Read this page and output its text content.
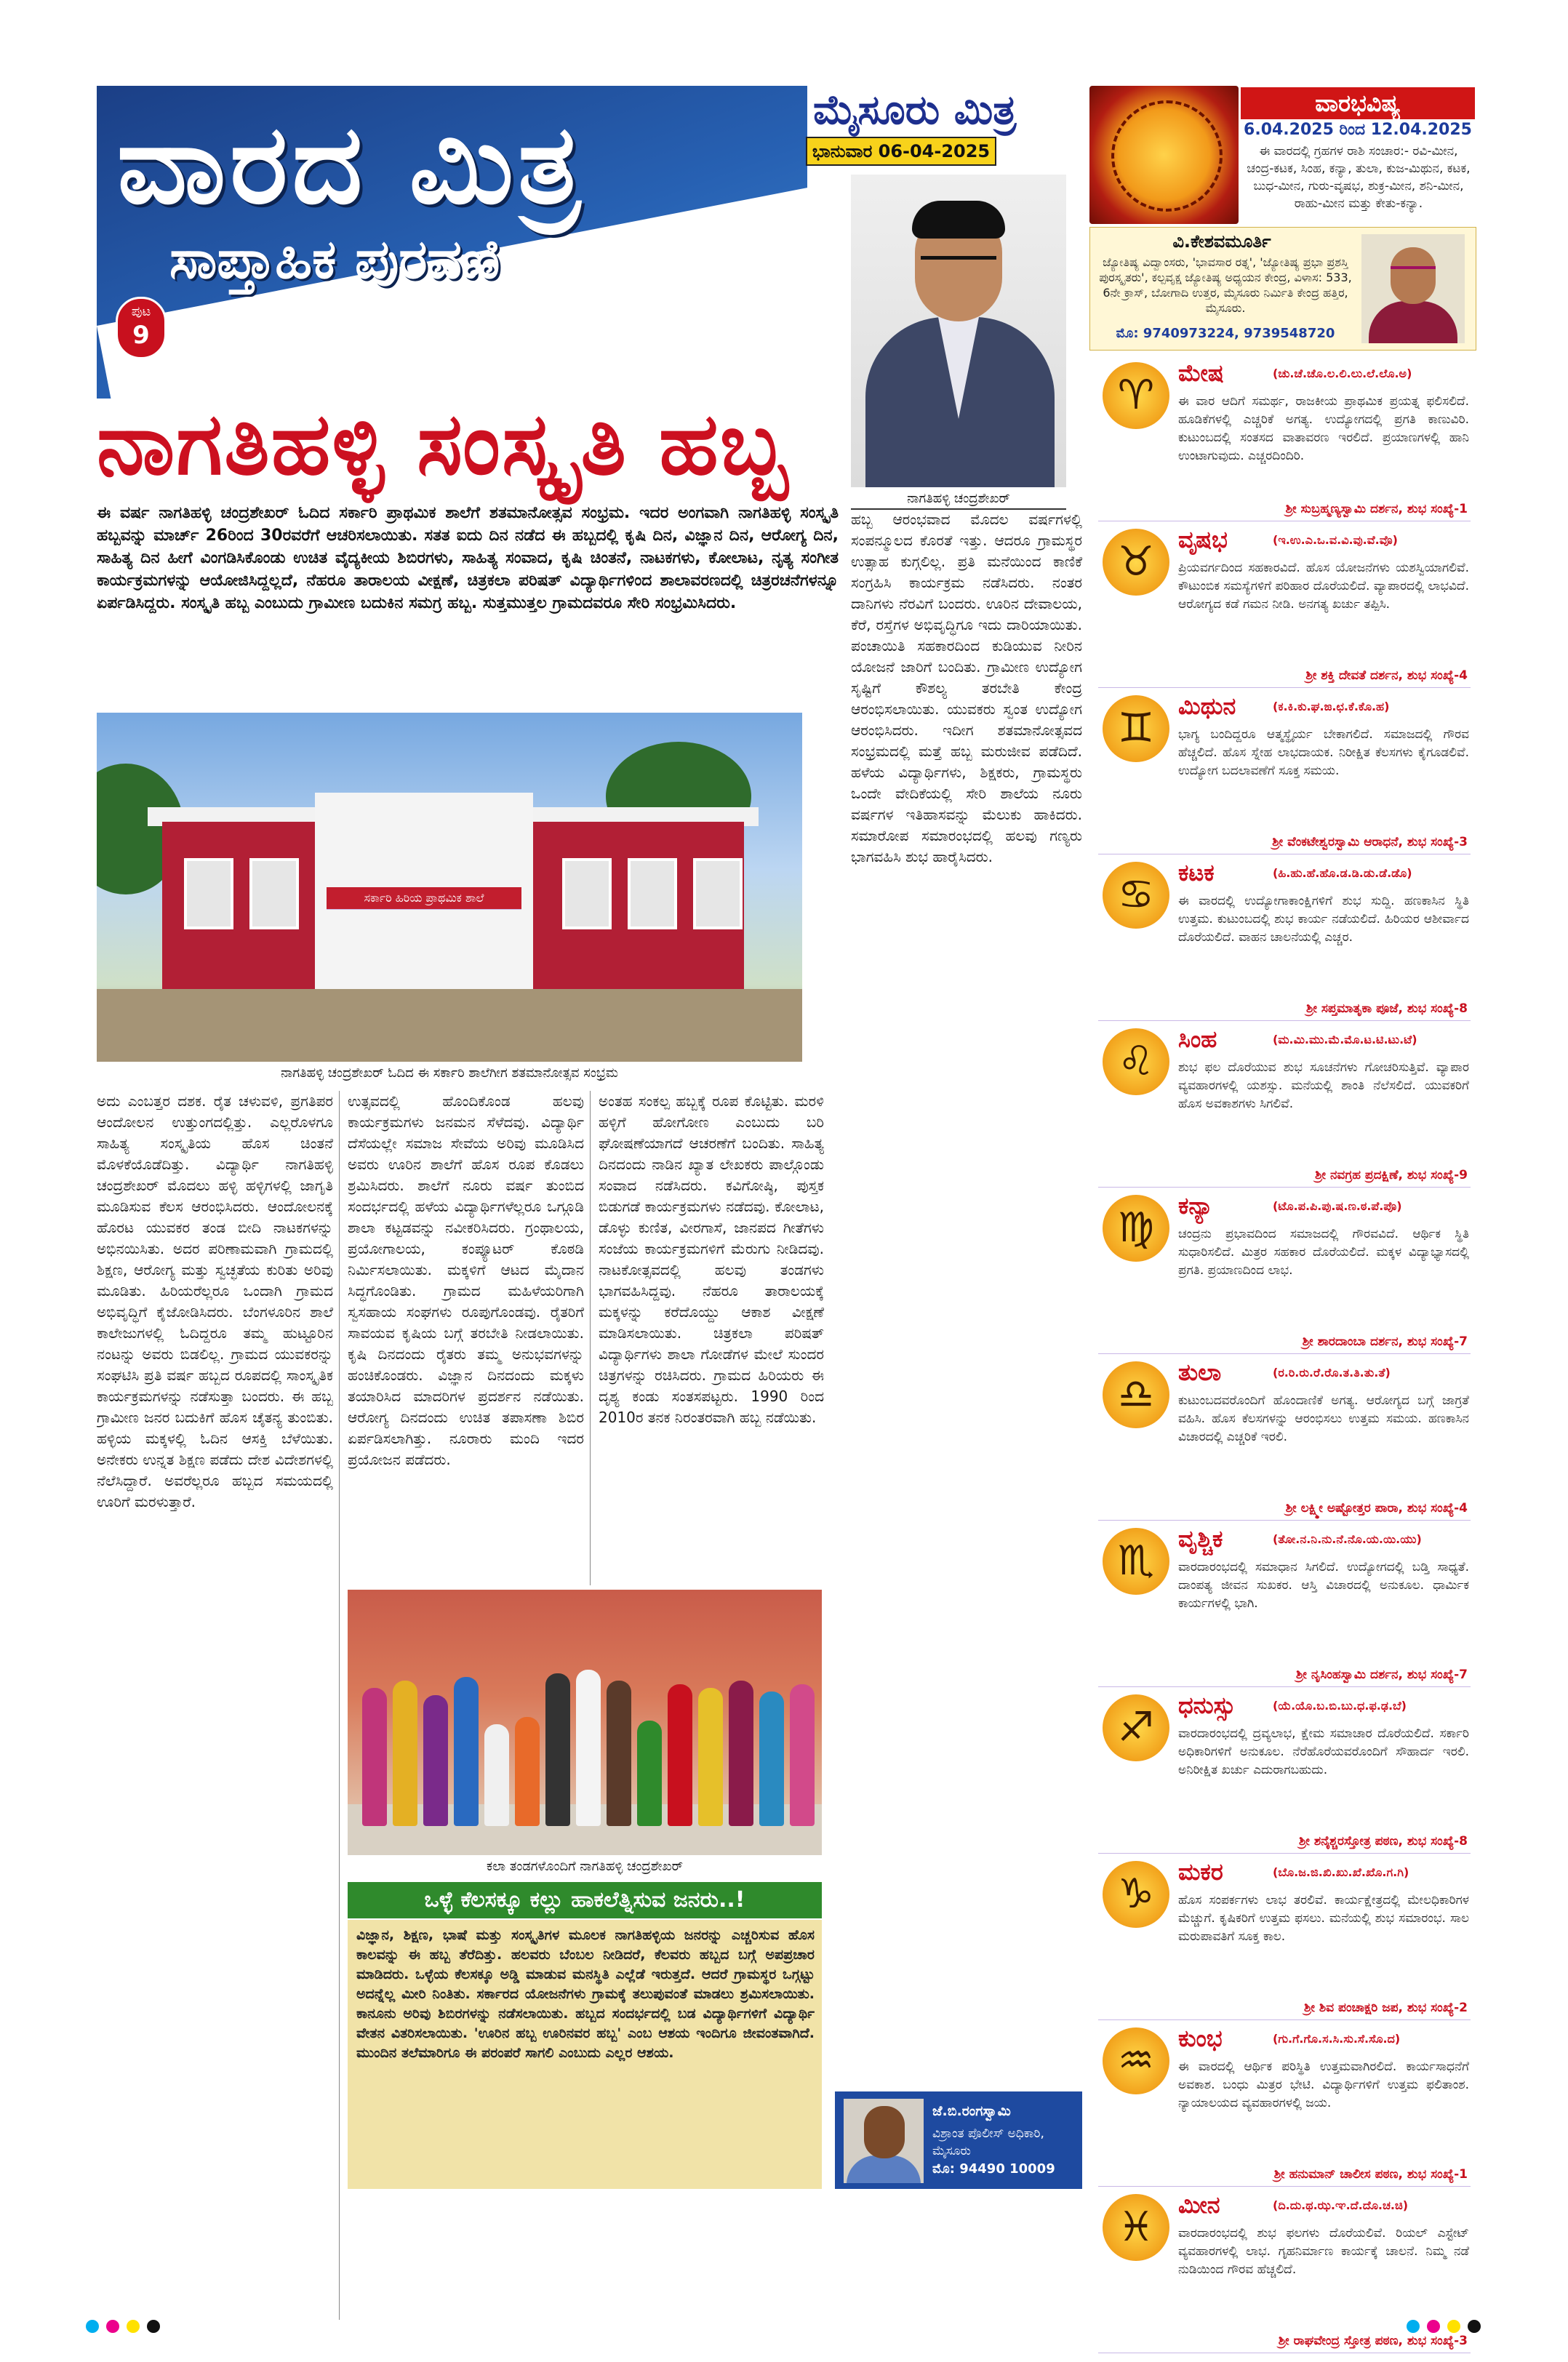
ವಾರದ ಮಿತ್ರ
ಸಾಪ್ತಾಹಿಕ ಪುರವಣಿ
ಪುಟ
9
ನಾಗತಿಹಳ್ಳಿ ಸಂಸ್ಕೃತಿ ಹಬ್ಬ
ಮೈಸೂರು ಮಿತ್ರ
ಭಾನುವಾರ 06-04-2025
ನಾಗತಿಹಳ್ಳಿ ಚಂದ್ರಶೇಖರ್
ಈ ವರ್ಷ ನಾಗತಿಹಳ್ಳಿ ಚಂದ್ರಶೇಖರ್ ಓದಿದ ಸರ್ಕಾರಿ ಪ್ರಾಥಮಿಕ ಶಾಲೆಗೆ ಶತಮಾನೋತ್ಸವ ಸಂಭ್ರಮ. ಇದರ ಅಂಗವಾಗಿ ನಾಗತಿಹಳ್ಳಿ ಸಂಸ್ಕೃತಿ ಹಬ್ಬವನ್ನು ಮಾರ್ಚ್ 26ರಿಂದ 30ರವರೆಗೆ ಆಚರಿಸಲಾಯಿತು. ಸತತ ಐದು ದಿನ ನಡೆದ ಈ ಹಬ್ಬದಲ್ಲಿ ಕೃಷಿ ದಿನ, ವಿಜ್ಞಾನ ದಿನ, ಆರೋಗ್ಯ ದಿನ, ಸಾಹಿತ್ಯ ದಿನ ಹೀಗೆ ವಿಂಗಡಿಸಿಕೊಂಡು ಉಚಿತ ವೈದ್ಯಕೀಯ ಶಿಬಿರಗಳು, ಸಾಹಿತ್ಯ ಸಂವಾದ, ಕೃಷಿ ಚಿಂತನೆ, ನಾಟಕಗಳು, ಕೋಲಾಟ, ನೃತ್ಯ ಸಂಗೀತ ಕಾರ್ಯಕ್ರಮಗಳನ್ನು ಆಯೋಜಿಸಿದ್ದಲ್ಲದೆ, ನೆಹರೂ ತಾರಾಲಯ ವೀಕ್ಷಣೆ, ಚಿತ್ರಕಲಾ ಪರಿಷತ್ ವಿದ್ಯಾರ್ಥಿಗಳಿಂದ ಶಾಲಾವರಣದಲ್ಲಿ ಚಿತ್ರರಚನೆಗಳನ್ನೂ ಏರ್ಪಡಿಸಿದ್ದರು. ಸಂಸ್ಕೃತಿ ಹಬ್ಬ ಎಂಬುದು ಗ್ರಾಮೀಣ ಬದುಕಿನ ಸಮಗ್ರ ಹಬ್ಬ. ಸುತ್ತಮುತ್ತಲ ಗ್ರಾಮದವರೂ ಸೇರಿ ಸಂಭ್ರಮಿಸಿದರು.
ಸರ್ಕಾರಿ ಹಿರಿಯ ಪ್ರಾಥಮಿಕ ಶಾಲೆ
ನಾಗತಿಹಳ್ಳಿ ಚಂದ್ರಶೇಖರ್ ಓದಿದ ಈ ಸರ್ಕಾರಿ ಶಾಲೆಗೀಗ ಶತಮಾನೋತ್ಸವ ಸಂಭ್ರಮ
ಅದು ಎಂಬತ್ತರ ದಶಕ. ರೈತ ಚಳುವಳಿ, ಪ್ರಗತಿಪರ ಆಂದೋಲನ ಉತ್ತುಂಗದಲ್ಲಿತ್ತು. ಎಲ್ಲರೊಳಗೂ ಸಾಹಿತ್ಯ ಸಂಸ್ಕೃತಿಯ ಹೊಸ ಚಿಂತನೆ ಮೊಳಕೆಯೊಡೆದಿತ್ತು. ವಿದ್ಯಾರ್ಥಿ ನಾಗತಿಹಳ್ಳಿ ಚಂದ್ರಶೇಖರ್ ಮೊದಲು ಹಳ್ಳಿ ಹಳ್ಳಿಗಳಲ್ಲಿ ಜಾಗೃತಿ ಮೂಡಿಸುವ ಕೆಲಸ ಆರಂಭಿಸಿದರು. ಆಂದೋಲನಕ್ಕೆ ಹೊರಟ ಯುವಕರ ತಂಡ ಬೀದಿ ನಾಟಕಗಳನ್ನು ಅಭಿನಯಿಸಿತು. ಅದರ ಪರಿಣಾಮವಾಗಿ ಗ್ರಾಮದಲ್ಲಿ ಶಿಕ್ಷಣ, ಆರೋಗ್ಯ ಮತ್ತು ಸ್ವಚ್ಛತೆಯ ಕುರಿತು ಅರಿವು ಮೂಡಿತು. ಹಿರಿಯರೆಲ್ಲರೂ ಒಂದಾಗಿ ಗ್ರಾಮದ ಅಭಿವೃದ್ಧಿಗೆ ಕೈಜೋಡಿಸಿದರು. ಬೆಂಗಳೂರಿನ ಶಾಲೆ ಕಾಲೇಜುಗಳಲ್ಲಿ ಓದಿದ್ದರೂ ತಮ್ಮ ಹುಟ್ಟೂರಿನ ನಂಟನ್ನು ಅವರು ಬಿಡಲಿಲ್ಲ. ಗ್ರಾಮದ ಯುವಕರನ್ನು ಸಂಘಟಿಸಿ ಪ್ರತಿ ವರ್ಷ ಹಬ್ಬದ ರೂಪದಲ್ಲಿ ಸಾಂಸ್ಕೃತಿಕ ಕಾರ್ಯಕ್ರಮಗಳನ್ನು ನಡೆಸುತ್ತಾ ಬಂದರು. ಈ ಹಬ್ಬ ಗ್ರಾಮೀಣ ಜನರ ಬದುಕಿಗೆ ಹೊಸ ಚೈತನ್ಯ ತುಂಬಿತು. ಹಳ್ಳಿಯ ಮಕ್ಕಳಲ್ಲಿ ಓದಿನ ಆಸಕ್ತಿ ಬೆಳೆಯಿತು. ಅನೇಕರು ಉನ್ನತ ಶಿಕ್ಷಣ ಪಡೆದು ದೇಶ ವಿದೇಶಗಳಲ್ಲಿ ನೆಲೆಸಿದ್ದಾರೆ. ಅವರೆಲ್ಲರೂ ಹಬ್ಬದ ಸಮಯದಲ್ಲಿ ಊರಿಗೆ ಮರಳುತ್ತಾರೆ.
ಉತ್ಸವದಲ್ಲಿ ಹೊಂದಿಕೊಂಡ ಹಲವು ಕಾರ್ಯಕ್ರಮಗಳು ಜನಮನ ಸೆಳೆದವು. ವಿದ್ಯಾರ್ಥಿ ದೆಸೆಯಲ್ಲೇ ಸಮಾಜ ಸೇವೆಯ ಅರಿವು ಮೂಡಿಸಿದ ಅವರು ಊರಿನ ಶಾಲೆಗೆ ಹೊಸ ರೂಪ ಕೊಡಲು ಶ್ರಮಿಸಿದರು. ಶಾಲೆಗೆ ನೂರು ವರ್ಷ ತುಂಬಿದ ಸಂದರ್ಭದಲ್ಲಿ ಹಳೆಯ ವಿದ್ಯಾರ್ಥಿಗಳೆಲ್ಲರೂ ಒಗ್ಗೂಡಿ ಶಾಲಾ ಕಟ್ಟಡವನ್ನು ನವೀಕರಿಸಿದರು. ಗ್ರಂಥಾಲಯ, ಪ್ರಯೋಗಾಲಯ, ಕಂಪ್ಯೂಟರ್ ಕೊಠಡಿ ನಿರ್ಮಿಸಲಾಯಿತು. ಮಕ್ಕಳಿಗೆ ಆಟದ ಮೈದಾನ ಸಿದ್ಧಗೊಂಡಿತು. ಗ್ರಾಮದ ಮಹಿಳೆಯರಿಗಾಗಿ ಸ್ವಸಹಾಯ ಸಂಘಗಳು ರೂಪುಗೊಂಡವು. ರೈತರಿಗೆ ಸಾವಯವ ಕೃಷಿಯ ಬಗ್ಗೆ ತರಬೇತಿ ನೀಡಲಾಯಿತು. ಕೃಷಿ ದಿನದಂದು ರೈತರು ತಮ್ಮ ಅನುಭವಗಳನ್ನು ಹಂಚಿಕೊಂಡರು. ವಿಜ್ಞಾನ ದಿನದಂದು ಮಕ್ಕಳು ತಯಾರಿಸಿದ ಮಾದರಿಗಳ ಪ್ರದರ್ಶನ ನಡೆಯಿತು. ಆರೋಗ್ಯ ದಿನದಂದು ಉಚಿತ ತಪಾಸಣಾ ಶಿಬಿರ ಏರ್ಪಡಿಸಲಾಗಿತ್ತು. ನೂರಾರು ಮಂದಿ ಇದರ ಪ್ರಯೋಜನ ಪಡೆದರು.
ಅಂತಹ ಸಂಕಲ್ಪ ಹಬ್ಬಕ್ಕೆ ರೂಪ ಕೊಟ್ಟಿತು. ಮರಳಿ ಹಳ್ಳಿಗೆ ಹೋಗೋಣ ಎಂಬುದು ಬರಿ ಘೋಷಣೆಯಾಗದೆ ಆಚರಣೆಗೆ ಬಂದಿತು. ಸಾಹಿತ್ಯ ದಿನದಂದು ನಾಡಿನ ಖ್ಯಾತ ಲೇಖಕರು ಪಾಲ್ಗೊಂಡು ಸಂವಾದ ನಡೆಸಿದರು. ಕವಿಗೋಷ್ಠಿ, ಪುಸ್ತಕ ಬಿಡುಗಡೆ ಕಾರ್ಯಕ್ರಮಗಳು ನಡೆದವು. ಕೋಲಾಟ, ಡೊಳ್ಳು ಕುಣಿತ, ವೀರಗಾಸೆ, ಜಾನಪದ ಗೀತೆಗಳು ಸಂಜೆಯ ಕಾರ್ಯಕ್ರಮಗಳಿಗೆ ಮೆರುಗು ನೀಡಿದವು. ನಾಟಕೋತ್ಸವದಲ್ಲಿ ಹಲವು ತಂಡಗಳು ಭಾಗವಹಿಸಿದ್ದವು. ನೆಹರೂ ತಾರಾಲಯಕ್ಕೆ ಮಕ್ಕಳನ್ನು ಕರೆದೊಯ್ದು ಆಕಾಶ ವೀಕ್ಷಣೆ ಮಾಡಿಸಲಾಯಿತು. ಚಿತ್ರಕಲಾ ಪರಿಷತ್ ವಿದ್ಯಾರ್ಥಿಗಳು ಶಾಲಾ ಗೋಡೆಗಳ ಮೇಲೆ ಸುಂದರ ಚಿತ್ರಗಳನ್ನು ರಚಿಸಿದರು. ಗ್ರಾಮದ ಹಿರಿಯರು ಈ ದೃಶ್ಯ ಕಂಡು ಸಂತಸಪಟ್ಟರು. 1990 ರಿಂದ 2010ರ ತನಕ ನಿರಂತರವಾಗಿ ಹಬ್ಬ ನಡೆಯಿತು.
ಹಬ್ಬ ಆರಂಭವಾದ ಮೊದಲ ವರ್ಷಗಳಲ್ಲಿ ಸಂಪನ್ಮೂಲದ ಕೊರತೆ ಇತ್ತು. ಆದರೂ ಗ್ರಾಮಸ್ಥರ ಉತ್ಸಾಹ ಕುಗ್ಗಲಿಲ್ಲ. ಪ್ರತಿ ಮನೆಯಿಂದ ಕಾಣಿಕೆ ಸಂಗ್ರಹಿಸಿ ಕಾರ್ಯಕ್ರಮ ನಡೆಸಿದರು. ನಂತರ ದಾನಿಗಳು ನೆರವಿಗೆ ಬಂದರು. ಊರಿನ ದೇವಾಲಯ, ಕೆರೆ, ರಸ್ತೆಗಳ ಅಭಿವೃದ್ಧಿಗೂ ಇದು ದಾರಿಯಾಯಿತು. ಪಂಚಾಯಿತಿ ಸಹಕಾರದಿಂದ ಕುಡಿಯುವ ನೀರಿನ ಯೋಜನೆ ಜಾರಿಗೆ ಬಂದಿತು. ಗ್ರಾಮೀಣ ಉದ್ಯೋಗ ಸೃಷ್ಟಿಗೆ ಕೌಶಲ್ಯ ತರಬೇತಿ ಕೇಂದ್ರ ಆರಂಭಿಸಲಾಯಿತು. ಯುವಕರು ಸ್ವಂತ ಉದ್ಯೋಗ ಆರಂಭಿಸಿದರು. ಇದೀಗ ಶತಮಾನೋತ್ಸವದ ಸಂಭ್ರಮದಲ್ಲಿ ಮತ್ತೆ ಹಬ್ಬ ಮರುಜೀವ ಪಡೆದಿದೆ. ಹಳೆಯ ವಿದ್ಯಾರ್ಥಿಗಳು, ಶಿಕ್ಷಕರು, ಗ್ರಾಮಸ್ಥರು ಒಂದೇ ವೇದಿಕೆಯಲ್ಲಿ ಸೇರಿ ಶಾಲೆಯ ನೂರು ವರ್ಷಗಳ ಇತಿಹಾಸವನ್ನು ಮೆಲುಕು ಹಾಕಿದರು. ಸಮಾರೋಪ ಸಮಾರಂಭದಲ್ಲಿ ಹಲವು ಗಣ್ಯರು ಭಾಗವಹಿಸಿ ಶುಭ ಹಾರೈಸಿದರು.
ಕಲಾ ತಂಡಗಳೊಂದಿಗೆ ನಾಗತಿಹಳ್ಳಿ ಚಂದ್ರಶೇಖರ್
ಒಳ್ಳೆ ಕೆಲಸಕ್ಕೂ ಕಲ್ಲು ಹಾಕಲೆತ್ನಿಸುವ ಜನರು..!
ವಿಜ್ಞಾನ, ಶಿಕ್ಷಣ, ಭಾಷೆ ಮತ್ತು ಸಂಸ್ಕೃತಿಗಳ ಮೂಲಕ ನಾಗತಿಹಳ್ಳಿಯ ಜನರನ್ನು ಎಚ್ಚರಿಸುವ ಹೊಸ ಕಾಲವನ್ನು ಈ ಹಬ್ಬ ತೆರೆದಿತ್ತು. ಹಲವರು ಬೆಂಬಲ ನೀಡಿದರೆ, ಕೆಲವರು ಹಬ್ಬದ ಬಗ್ಗೆ ಅಪಪ್ರಚಾರ ಮಾಡಿದರು. ಒಳ್ಳೆಯ ಕೆಲಸಕ್ಕೂ ಅಡ್ಡಿ ಮಾಡುವ ಮನಸ್ಥಿತಿ ಎಲ್ಲೆಡೆ ಇರುತ್ತದೆ. ಆದರೆ ಗ್ರಾಮಸ್ಥರ ಒಗ್ಗಟ್ಟು ಅದನ್ನೆಲ್ಲ ಮೀರಿ ನಿಂತಿತು. ಸರ್ಕಾರದ ಯೋಜನೆಗಳು ಗ್ರಾಮಕ್ಕೆ ತಲುಪುವಂತೆ ಮಾಡಲು ಶ್ರಮಿಸಲಾಯಿತು. ಕಾನೂನು ಅರಿವು ಶಿಬಿರಗಳನ್ನು ನಡೆಸಲಾಯಿತು. ಹಬ್ಬದ ಸಂದರ್ಭದಲ್ಲಿ ಬಡ ವಿದ್ಯಾರ್ಥಿಗಳಿಗೆ ವಿದ್ಯಾರ್ಥಿ ವೇತನ ವಿತರಿಸಲಾಯಿತು. 'ಊರಿನ ಹಬ್ಬ ಊರಿನವರ ಹಬ್ಬ' ಎಂಬ ಆಶಯ ಇಂದಿಗೂ ಜೀವಂತವಾಗಿದೆ. ಮುಂದಿನ ತಲೆಮಾರಿಗೂ ಈ ಪರಂಪರೆ ಸಾಗಲಿ ಎಂಬುದು ಎಲ್ಲರ ಆಶಯ.
ಜೆ.ಬಿ.ರಂಗಸ್ವಾಮಿ
ವಿಶ್ರಾಂತ ಪೊಲೀಸ್ ಅಧಿಕಾರಿ, ಮೈಸೂರು
ಮೊ: 94490 10009
ವಾರಭವಿಷ್ಯ
6.04.2025 ರಿಂದ 12.04.2025
ಈ ವಾರದಲ್ಲಿ ಗ್ರಹಗಳ ರಾಶಿ ಸಂಚಾರ:- ರವಿ-ಮೀನ, ಚಂದ್ರ-ಕಟಕ, ಸಿಂಹ, ಕನ್ಯಾ, ತುಲಾ, ಕುಜ-ಮಿಥುನ, ಕಟಕ, ಬುಧ-ಮೀನ, ಗುರು-ವೃಷಭ, ಶುಕ್ರ-ಮೀನ, ಶನಿ-ಮೀನ, ರಾಹು-ಮೀನ ಮತ್ತು ಕೇತು-ಕನ್ಯಾ.
ವಿ.ಕೇಶವಮೂರ್ತಿ
ಜ್ಯೋತಿಷ್ಯ ವಿದ್ವಾಂಸರು, 'ಭಾವಸಾರ ರತ್ನ', 'ಜ್ಯೋತಿಷ್ಯ ಪ್ರಭಾ ಪ್ರಶಸ್ತಿ ಪುರಸ್ಕೃತರು', ಕಲ್ಪವೃಕ್ಷ ಜ್ಯೋತಿಷ್ಯ ಅಧ್ಯಯನ ಕೇಂದ್ರ, ವಿಳಾಸ: 533, 6ನೇ ಕ್ರಾಸ್, ಬೋಗಾದಿ ಉತ್ತರ, ಮೈಸೂರು ನಿರ್ಮಿತಿ ಕೇಂದ್ರ ಹತ್ತಿರ, ಮೈಸೂರು.
ಮೊ: 9740973224, 9739548720
♈	ಮೇಷ	(ಚು.ಚೆ.ಚೊ.ಲ.ಲಿ.ಲು.ಲೆ.ಲೊ.ಅ)
ಈ ವಾರ ಆದಿಗೆ ಸಮರ್ಥ, ರಾಜಕೀಯ ಪ್ರಾಥಮಿಕ ಪ್ರಯತ್ನ ಫಲಿಸಲಿದೆ. ಹೂಡಿಕೆಗಳಲ್ಲಿ ಎಚ್ಚರಿಕೆ ಅಗತ್ಯ. ಉದ್ಯೋಗದಲ್ಲಿ ಪ್ರಗತಿ ಕಾಣುವಿರಿ. ಕುಟುಂಬದಲ್ಲಿ ಸಂತಸದ ವಾತಾವರಣ ಇರಲಿದೆ. ಪ್ರಯಾಣಗಳಲ್ಲಿ ಹಾನಿ ಉಂಟಾಗುವುದು. ಎಚ್ಚರದಿಂದಿರಿ.
ಶ್ರೀ ಸುಬ್ರಹ್ಮಣ್ಯಸ್ವಾಮಿ ದರ್ಶನ, ಶುಭ ಸಂಖ್ಯೆ-1
♉	ವೃಷಭ	(ಇ.ಉ.ಎ.ಒ.ವ.ವಿ.ವು.ವೆ.ವೊ)
ಪ್ರಿಯವರ್ಗದಿಂದ ಸಹಕಾರವಿದೆ. ಹೊಸ ಯೋಜನೆಗಳು ಯಶಸ್ವಿಯಾಗಲಿವೆ. ಕೌಟುಂಬಿಕ ಸಮಸ್ಯೆಗಳಿಗೆ ಪರಿಹಾರ ದೊರೆಯಲಿದೆ. ವ್ಯಾಪಾರದಲ್ಲಿ ಲಾಭವಿದೆ. ಆರೋಗ್ಯದ ಕಡೆ ಗಮನ ನೀಡಿ. ಅನಗತ್ಯ ಖರ್ಚು ತಪ್ಪಿಸಿ.
ಶ್ರೀ ಶಕ್ತಿ ದೇವತೆ ದರ್ಶನ, ಶುಭ ಸಂಖ್ಯೆ-4
♊	ಮಿಥುನ	(ಕ.ಕಿ.ಕು.ಘ.ಙ.ಛ.ಕೆ.ಕೊ.ಹ)
ಭಾಗ್ಯ ಬಂದಿದ್ದರೂ ಆತ್ಮಸ್ಥೈರ್ಯ ಬೇಕಾಗಲಿದೆ. ಸಮಾಜದಲ್ಲಿ ಗೌರವ ಹೆಚ್ಚಲಿದೆ. ಹೊಸ ಸ್ನೇಹ ಲಾಭದಾಯಕ. ನಿರೀಕ್ಷಿತ ಕೆಲಸಗಳು ಕೈಗೂಡಲಿವೆ. ಉದ್ಯೋಗ ಬದಲಾವಣೆಗೆ ಸೂಕ್ತ ಸಮಯ.
ಶ್ರೀ ವೆಂಕಟೇಶ್ವರಸ್ವಾಮಿ ಆರಾಧನೆ, ಶುಭ ಸಂಖ್ಯೆ-3
♋	ಕಟಕ	(ಹಿ.ಹು.ಹೆ.ಹೊ.ಡ.ಡಿ.ಡು.ಡೆ.ಡೊ)
ಈ ವಾರದಲ್ಲಿ ಉದ್ಯೋಗಾಕಾಂಕ್ಷಿಗಳಿಗೆ ಶುಭ ಸುದ್ದಿ. ಹಣಕಾಸಿನ ಸ್ಥಿತಿ ಉತ್ತಮ. ಕುಟುಂಬದಲ್ಲಿ ಶುಭ ಕಾರ್ಯ ನಡೆಯಲಿದೆ. ಹಿರಿಯರ ಆಶೀರ್ವಾದ ದೊರೆಯಲಿದೆ. ವಾಹನ ಚಾಲನೆಯಲ್ಲಿ ಎಚ್ಚರ.
ಶ್ರೀ ಸಪ್ತಮಾತೃಕಾ ಪೂಜೆ, ಶುಭ ಸಂಖ್ಯೆ-8
♌	ಸಿಂಹ	(ಮ.ಮಿ.ಮು.ಮೆ.ಮೊ.ಟ.ಟಿ.ಟು.ಟೆ)
ಶುಭ ಫಲ ದೊರೆಯುವ ಶುಭ ಸೂಚನೆಗಳು ಗೋಚರಿಸುತ್ತಿವೆ. ವ್ಯಾಪಾರ ವ್ಯವಹಾರಗಳಲ್ಲಿ ಯಶಸ್ಸು. ಮನೆಯಲ್ಲಿ ಶಾಂತಿ ನೆಲೆಸಲಿದೆ. ಯುವಕರಿಗೆ ಹೊಸ ಅವಕಾಶಗಳು ಸಿಗಲಿವೆ.
ಶ್ರೀ ನವಗ್ರಹ ಪ್ರದಕ್ಷಿಣೆ, ಶುಭ ಸಂಖ್ಯೆ-9
♍	ಕನ್ಯಾ	(ಟೊ.ಪ.ಪಿ.ಪು.ಷ.ಣ.ಠ.ಪೆ.ಪೊ)
ಚಂದ್ರನು ಪ್ರಭಾವದಿಂದ ಸಮಾಜದಲ್ಲಿ ಗೌರವವಿದೆ. ಆರ್ಥಿಕ ಸ್ಥಿತಿ ಸುಧಾರಿಸಲಿದೆ. ಮಿತ್ರರ ಸಹಕಾರ ದೊರೆಯಲಿದೆ. ಮಕ್ಕಳ ವಿದ್ಯಾಭ್ಯಾಸದಲ್ಲಿ ಪ್ರಗತಿ. ಪ್ರಯಾಣದಿಂದ ಲಾಭ.
ಶ್ರೀ ಶಾರದಾಂಬಾ ದರ್ಶನ, ಶುಭ ಸಂಖ್ಯೆ-7
♎	ತುಲಾ	(ರ.ರಿ.ರು.ರೆ.ರೊ.ತ.ತಿ.ತು.ತೆ)
ಕುಟುಂಬದವರೊಂದಿಗೆ ಹೊಂದಾಣಿಕೆ ಅಗತ್ಯ. ಆರೋಗ್ಯದ ಬಗ್ಗೆ ಜಾಗ್ರತೆ ವಹಿಸಿ. ಹೊಸ ಕೆಲಸಗಳನ್ನು ಆರಂಭಿಸಲು ಉತ್ತಮ ಸಮಯ. ಹಣಕಾಸಿನ ವಿಚಾರದಲ್ಲಿ ಎಚ್ಚರಿಕೆ ಇರಲಿ.
ಶ್ರೀ ಲಕ್ಷ್ಮೀ ಅಷ್ಟೋತ್ತರ ಪಾರಾ, ಶುಭ ಸಂಖ್ಯೆ-4
♏	ವೃಶ್ಚಿಕ	(ತೋ.ನ.ನಿ.ನು.ನೆ.ನೊ.ಯ.ಯಿ.ಯು)
ವಾರದಾರಂಭದಲ್ಲಿ ಸಮಾಧಾನ ಸಿಗಲಿದೆ. ಉದ್ಯೋಗದಲ್ಲಿ ಬಡ್ತಿ ಸಾಧ್ಯತೆ. ದಾಂಪತ್ಯ ಜೀವನ ಸುಖಕರ. ಆಸ್ತಿ ವಿಚಾರದಲ್ಲಿ ಅನುಕೂಲ. ಧಾರ್ಮಿಕ ಕಾರ್ಯಗಳಲ್ಲಿ ಭಾಗಿ.
ಶ್ರೀ ನೃಸಿಂಹಸ್ವಾಮಿ ದರ್ಶನ, ಶುಭ ಸಂಖ್ಯೆ-7
♐	ಧನುಸ್ಸು	(ಯೆ.ಯೊ.ಬ.ಬಿ.ಬು.ಧ.ಫ.ಢ.ಬೆ)
ವಾರದಾರಂಭದಲ್ಲಿ ದ್ರವ್ಯಲಾಭ, ಕ್ಷೇಮ ಸಮಾಚಾರ ದೊರೆಯಲಿದೆ. ಸರ್ಕಾರಿ ಅಧಿಕಾರಿಗಳಿಗೆ ಅನುಕೂಲ. ನೆರೆಹೊರೆಯವರೊಂದಿಗೆ ಸೌಹಾರ್ದ ಇರಲಿ. ಅನಿರೀಕ್ಷಿತ ಖರ್ಚು ಎದುರಾಗಬಹುದು.
ಶ್ರೀ ಶನೈಶ್ಚರಸ್ತೋತ್ರ ಪಠಣ, ಶುಭ ಸಂಖ್ಯೆ-8
♑	ಮಕರ	(ಬೊ.ಜ.ಜಿ.ಖಿ.ಖು.ಖೆ.ಖೊ.ಗ.ಗಿ)
ಹೊಸ ಸಂಪರ್ಕಗಳು ಲಾಭ ತರಲಿವೆ. ಕಾರ್ಯಕ್ಷೇತ್ರದಲ್ಲಿ ಮೇಲಧಿಕಾರಿಗಳ ಮೆಚ್ಚುಗೆ. ಕೃಷಿಕರಿಗೆ ಉತ್ತಮ ಫಸಲು. ಮನೆಯಲ್ಲಿ ಶುಭ ಸಮಾರಂಭ. ಸಾಲ ಮರುಪಾವತಿಗೆ ಸೂಕ್ತ ಕಾಲ.
ಶ್ರೀ ಶಿವ ಪಂಚಾಕ್ಷರಿ ಜಪ, ಶುಭ ಸಂಖ್ಯೆ-2
♒	ಕುಂಭ	(ಗು.ಗೆ.ಗೊ.ಸ.ಸಿ.ಸು.ಸೆ.ಸೊ.ದ)
ಈ ವಾರದಲ್ಲಿ ಆರ್ಥಿಕ ಪರಿಸ್ಥಿತಿ ಉತ್ತಮವಾಗಿರಲಿದೆ. ಕಾರ್ಯಸಾಧನೆಗೆ ಅವಕಾಶ. ಬಂಧು ಮಿತ್ರರ ಭೇಟಿ. ವಿದ್ಯಾರ್ಥಿಗಳಿಗೆ ಉತ್ತಮ ಫಲಿತಾಂಶ. ನ್ಯಾಯಾಲಯದ ವ್ಯವಹಾರಗಳಲ್ಲಿ ಜಯ.
ಶ್ರೀ ಹನುಮಾನ್ ಚಾಲೀಸ ಪಠಣ, ಶುಭ ಸಂಖ್ಯೆ-1
♓	ಮೀನ	(ದಿ.ದು.ಥ.ಝ.ಞ.ದೆ.ದೊ.ಚ.ಚಿ)
ವಾರದಾರಂಭದಲ್ಲಿ ಶುಭ ಫಲಗಳು ದೊರೆಯಲಿವೆ. ರಿಯಲ್ ಎಸ್ಟೇಟ್ ವ್ಯವಹಾರಗಳಲ್ಲಿ ಲಾಭ. ಗೃಹನಿರ್ಮಾಣ ಕಾರ್ಯಕ್ಕೆ ಚಾಲನೆ. ನಿಮ್ಮ ನಡೆ ನುಡಿಯಿಂದ ಗೌರವ ಹೆಚ್ಚಲಿದೆ.
ಶ್ರೀ ರಾಘವೇಂದ್ರ ಸ್ತೋತ್ರ ಪಠಣ, ಶುಭ ಸಂಖ್ಯೆ-3
